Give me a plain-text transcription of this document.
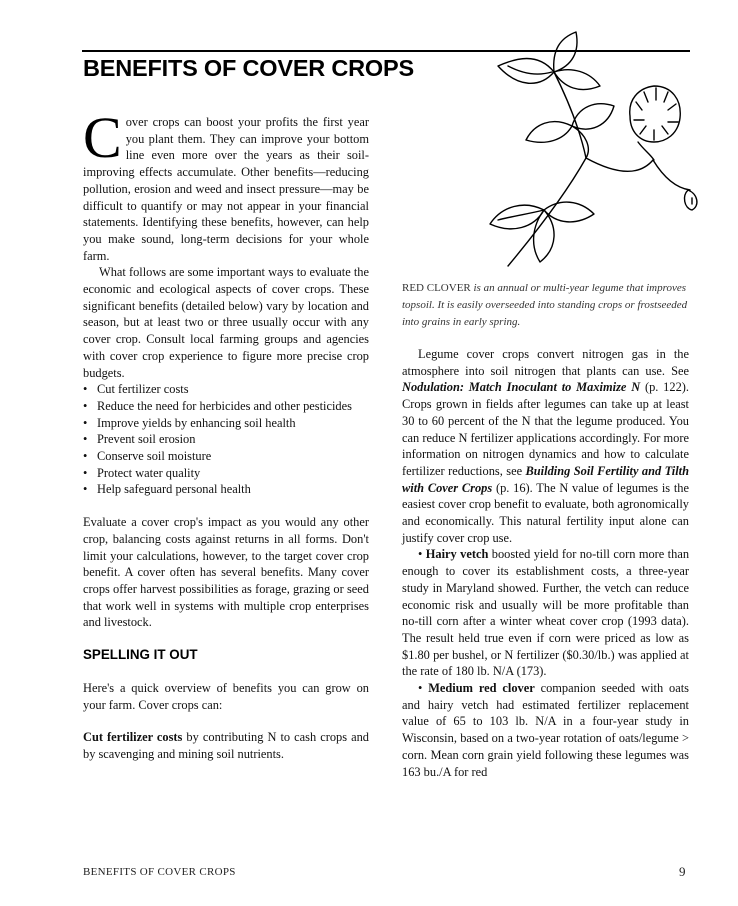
BENEFITS OF COVER CROPS

Cover crops can boost your profits the first year you plant them. They can improve your bottom line even more over the years as their soil-improving effects accumulate. Other benefits—reducing pollution, erosion and weed and insect pressure—may be difficult to quantify or may not appear in your financial statements. Identifying these benefits, however, can help you make sound, long-term decisions for your whole farm.

What follows are some important ways to evaluate the economic and ecological aspects of cover crops. These significant benefits (detailed below) vary by location and season, but at least two or three usually occur with any cover crop. Consult local farming groups and agencies with cover crop experience to figure more precise crop budgets.

• Cut fertilizer costs
• Reduce the need for herbicides and other pesticides
• Improve yields by enhancing soil health
• Prevent soil erosion
• Conserve soil moisture
• Protect water quality
• Help safeguard personal health

Evaluate a cover crop's impact as you would any other crop, balancing costs against returns in all forms. Don't limit your calculations, however, to the target cover crop benefit. A cover often has several benefits. Many cover crops offer harvest possibilities as forage, grazing or seed that work well in systems with multiple crop enterprises and livestock.

SPELLING IT OUT

Here's a quick overview of benefits you can grow on your farm. Cover crops can:

Cut fertilizer costs by contributing N to cash crops and by scavenging and mining soil nutrients.

RED CLOVER is an annual or multi-year legume that improves topsoil. It is easily overseeded into standing crops or frostseeded into grains in early spring.

Legume cover crops convert nitrogen gas in the atmosphere into soil nitrogen that plants can use. See Nodulation: Match Inoculant to Maximize N (p. 122). Crops grown in fields after legumes can take up at least 30 to 60 percent of the N that the legume produced. You can reduce N fertilizer applications accordingly. For more information on nitrogen dynamics and how to calculate fertilizer reductions, see Building Soil Fertility and Tilth with Cover Crops (p. 16). The N value of legumes is the easiest cover crop benefit to evaluate, both agronomically and economically. This natural fertility input alone can justify cover crop use.

• Hairy vetch boosted yield for no-till corn more than enough to cover its establishment costs, a three-year study in Maryland showed. Further, the vetch can reduce economic risk and usually will be more profitable than no-till corn after a winter wheat cover crop (1993 data). The result held true even if corn were priced as low as $1.80 per bushel, or N fertilizer ($0.30/lb.) was applied at the rate of 180 lb. N/A (173).

• Medium red clover companion seeded with oats and hairy vetch had estimated fertilizer replacement value of 65 to 103 lb. N/A in a four-year study in Wisconsin, based on a two-year rotation of oats/legume > corn. Mean corn grain yield following these legumes was 163 bu./A for red

BENEFITS OF COVER CROPS	9
